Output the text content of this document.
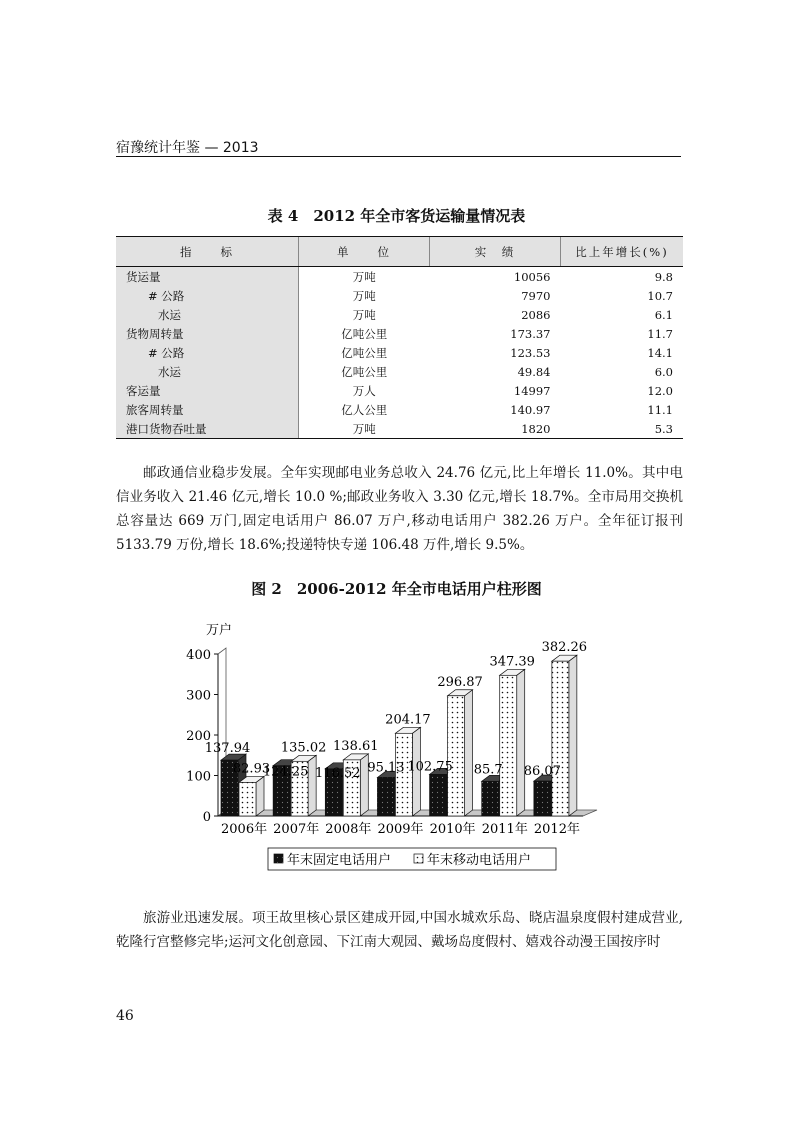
宿豫统计年鉴 — 2013
表 4　2012 年全市客货运输量情况表
指　　标	单　　位	实　绩	比上年增长(%)
货运量	万吨	10056	9.8
# 公路	万吨	7970	10.7
水运	万吨	2086	6.1
货物周转量	亿吨公里	173.37	11.7
# 公路	亿吨公里	123.53	14.1
水运	亿吨公里	49.84	6.0
客运量	万人	14997	12.0
旅客周转量	亿人公里	140.97	11.1
港口货物吞吐量	万吨	1820	5.3
邮政通信业稳步发展。全年实现邮电业务总收入 24.76 亿元,比上年增长 11.0%。其中电信业务收入 21.46 亿元,增长 10.0 %;邮政业务收入 3.30 亿元,增长 18.7%。全市局用交换机总容量达 669 万门,固定电话用户 86.07 万户,移动电话用户 382.26 万户。全年征订报刊 5133.79 万份,增长 18.6%;投递特快专递 106.48 万件,增长 9.5%。
图 2　2006-2012 年全市电话用户柱形图
0
100
200
300
400
万户
82.93
137.94
2006年
135.02
124.25
2007年
138.61
116.52
2008年
204.17
95.13
2009年
296.87
102.75
2010年
347.39
85.7
2011年
382.26
86.07
2012年
年末固定电话用户	年末移动电话用户
旅游业迅速发展。项王故里核心景区建成开园,中国水城欢乐岛、晓店温泉度假村建成营业,乾隆行宫整修完毕;运河文化创意园、下江南大观园、戴场岛度假村、嬉戏谷动漫王国按序时
46
